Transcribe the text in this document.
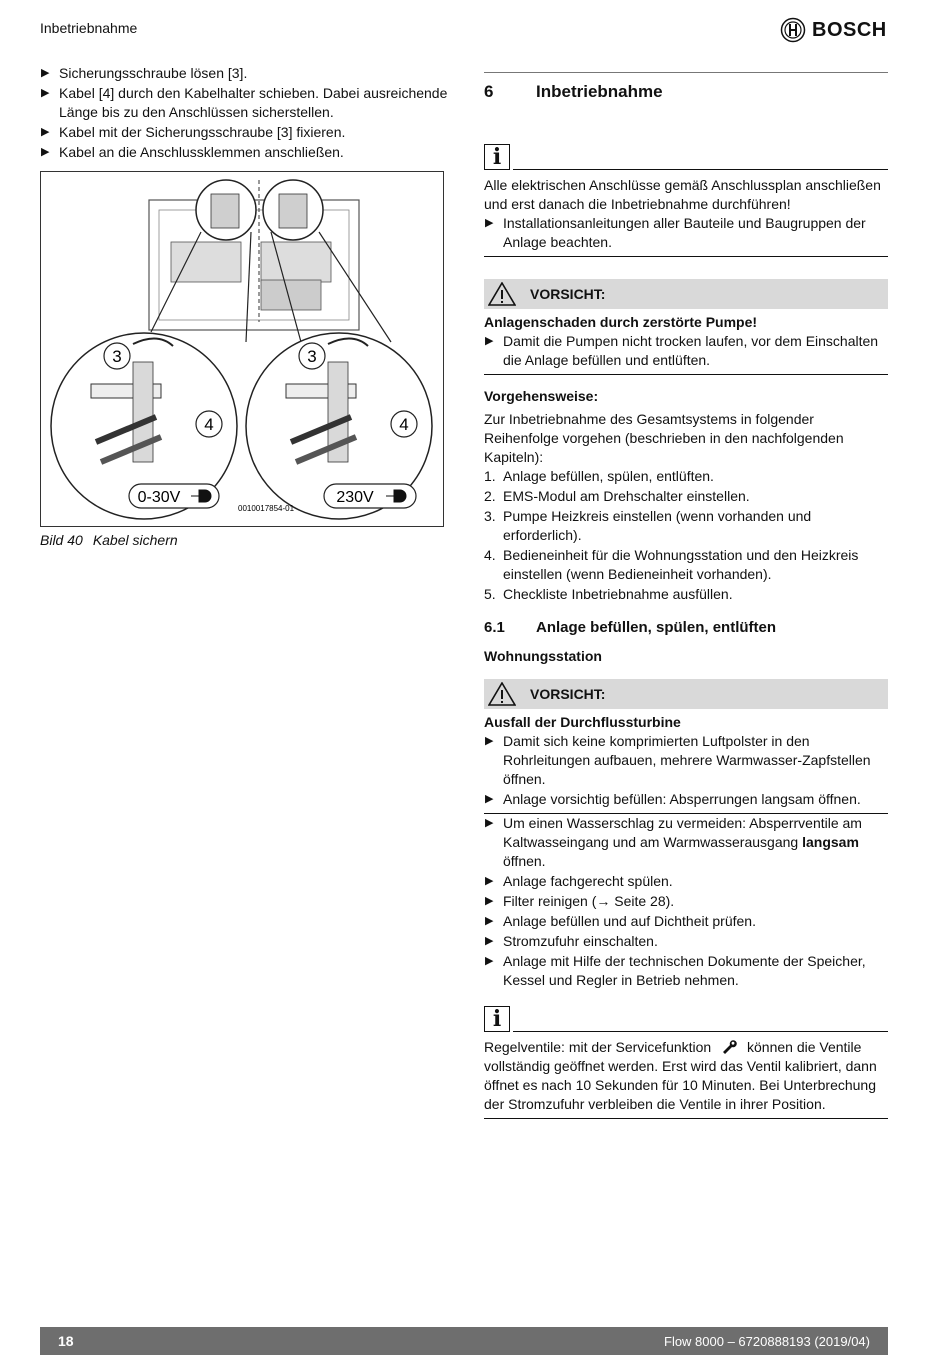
Inbetriebnahme	BOSCH
▶ Sicherungsschraube lösen [3].
▶ Kabel [4] durch den Kabelhalter schieben. Dabei ausreichende Länge bis zu den Anschlüssen sicherstellen.
▶ Kabel mit der Sicherungsschraube [3] fixieren.
▶ Kabel an die Anschlussklemmen anschließen.
3
4
3
4
0-30V	230V
0010017854-01
Bild 40 Kabel sichern
6	Inbetriebnahme
i
Alle elektrischen Anschlüsse gemäß Anschlussplan anschließen und erst danach die Inbetriebnahme durchführen!
▶ Installationsanleitungen aller Bauteile und Baugruppen der Anlage beachten.
VORSICHT:
Anlagenschaden durch zerstörte Pumpe!
▶ Damit die Pumpen nicht trocken laufen, vor dem Einschalten die Anlage befüllen und entlüften.
Vorgehensweise:
Zur Inbetriebnahme des Gesamtsystems in folgender Reihenfolge vorgehen (beschrieben in den nachfolgenden Kapiteln):
1. Anlage befüllen, spülen, entlüften.
2. EMS-Modul am Drehschalter einstellen.
3. Pumpe Heizkreis einstellen (wenn vorhanden und erforderlich).
4. Bedieneinheit für die Wohnungsstation und den Heizkreis einstellen (wenn Bedieneinheit vorhanden).
5. Checkliste Inbetriebnahme ausfüllen.
6.1	Anlage befüllen, spülen, entlüften
Wohnungsstation
VORSICHT:
Ausfall der Durchflussturbine
▶ Damit sich keine komprimierten Luftpolster in den Rohrleitungen aufbauen, mehrere Warmwasser-Zapfstellen öffnen.
▶ Anlage vorsichtig befüllen: Absperrungen langsam öffnen.
▶ Um einen Wasserschlag zu vermeiden: Absperrventile am Kaltwasseingang und am Warmwasserausgang langsam öffnen.
▶ Anlage fachgerecht spülen.
▶ Filter reinigen (→ Seite 28).
▶ Anlage befüllen und auf Dichtheit prüfen.
▶ Stromzufuhr einschalten.
▶ Anlage mit Hilfe der technischen Dokumente der Speicher, Kessel und Regler in Betrieb nehmen.
i
Regelventile: mit der Servicefunktion	können die Ventile vollständig geöffnet werden. Erst wird das Ventil kalibriert, dann öffnet es nach 10 Sekunden für 10 Minuten. Bei Unterbrechung der Stromzufuhr verbleiben die Ventile in ihrer Position.
18	Flow 8000 – 6720888193 (2019/04)
